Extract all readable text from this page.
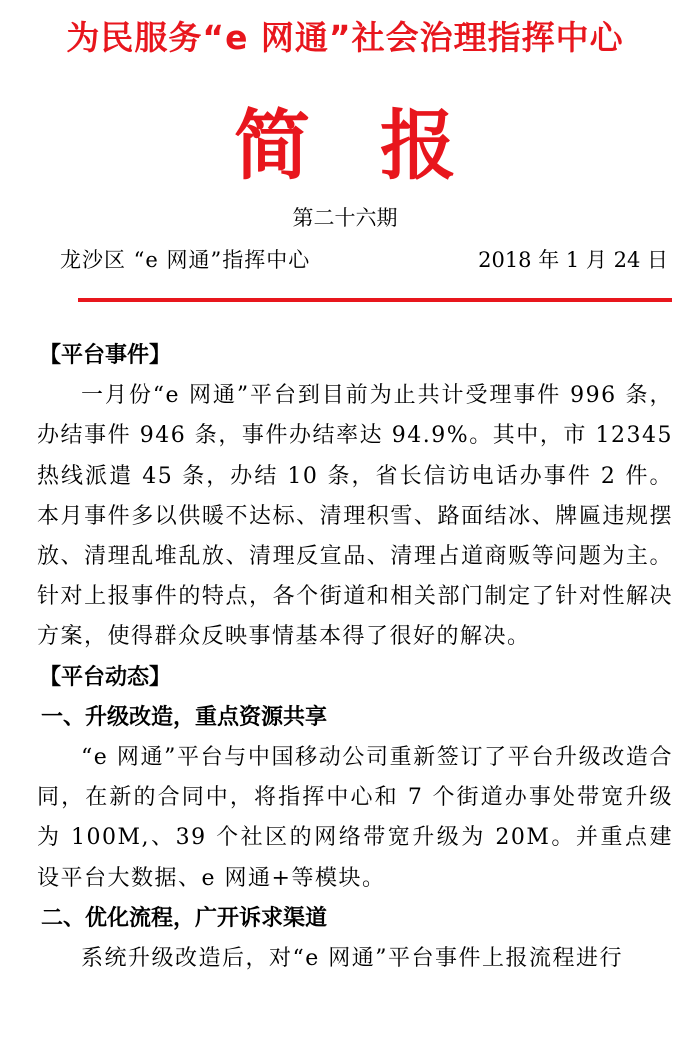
为民服务“e 网通”社会治理指挥中心
简报
第二十六期
龙沙区 “e 网通”指挥中心	2018 年 1 月 24 日
【平台事件】

一月份“e 网通”平台到目前为止共计受理事件 996 条，办结事件 946 条，事件办结率达 94.9%。其中，市 12345 热线派遣 45 条，办结 10 条，省长信访电话办事件 2 件。本月事件多以供暖不达标、清理积雪、路面结冰、牌匾违规摆放、清理乱堆乱放、清理反宣品、清理占道商贩等问题为主。针对上报事件的特点，各个街道和相关部门制定了针对性解决方案，使得群众反映事情基本得了很好的解决。

【平台动态】
一、升级改造，重点资源共享

“e 网通”平台与中国移动公司重新签订了平台升级改造合同，在新的合同中，将指挥中心和 7 个街道办事处带宽升级为 100M,、39 个社区的网络带宽升级为 20M。并重点建设平台大数据、e 网通+等模块。

二、优化流程，广开诉求渠道

系统升级改造后，对“e 网通”平台事件上报流程进行
